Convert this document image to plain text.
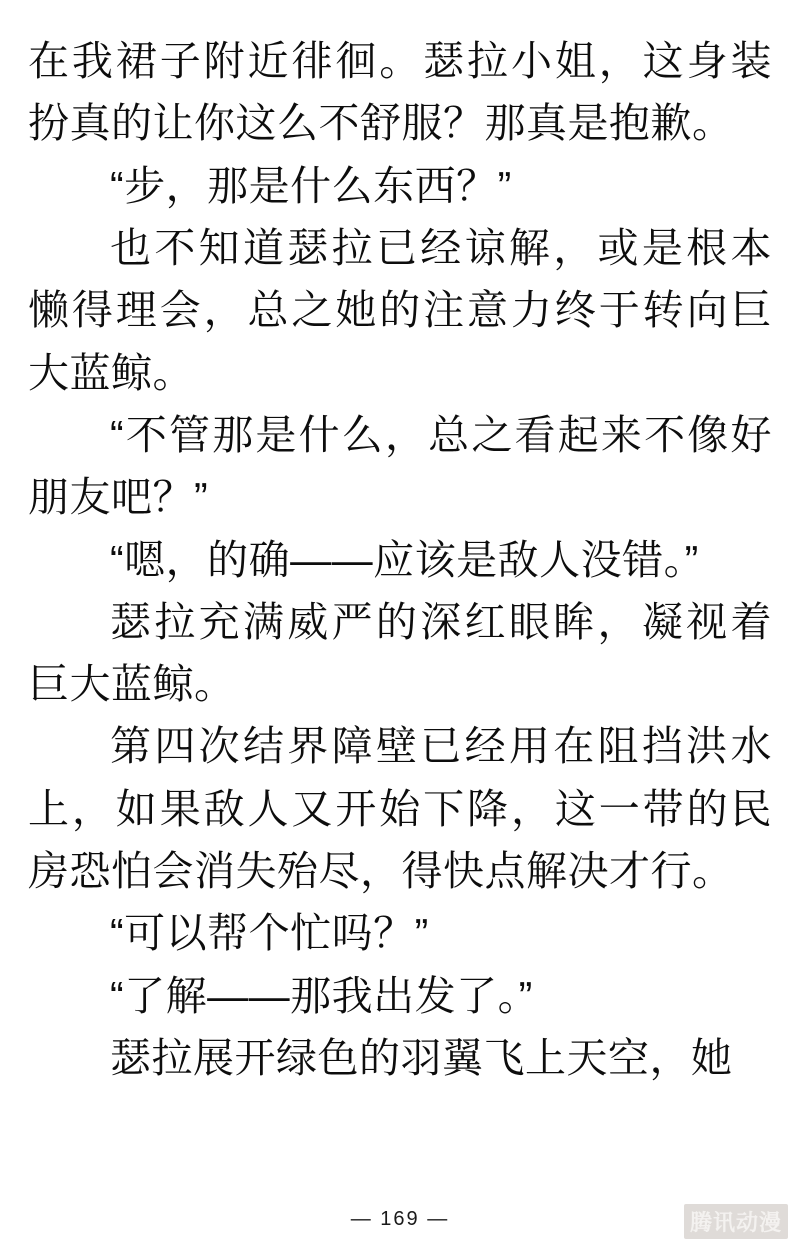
在我裙子附近徘徊。瑟拉小姐，这身装扮真的让你这么不舒服？那真是抱歉。

“步，那是什么东西？”

也不知道瑟拉已经谅解，或是根本懒得理会，总之她的注意力终于转向巨大蓝鲸。

“不管那是什么，总之看起来不像好朋友吧？”

“嗯，的确——应该是敌人没错。”

瑟拉充满威严的深红眼眸，凝视着巨大蓝鲸。

第四次结界障壁已经用在阻挡洪水上，如果敌人又开始下降，这一带的民房恐怕会消失殆尽，得快点解决才行。

“可以帮个忙吗？”

“了解——那我出发了。”

瑟拉展开绿色的羽翼飞上天空，她

— 169 —	腾讯动漫
